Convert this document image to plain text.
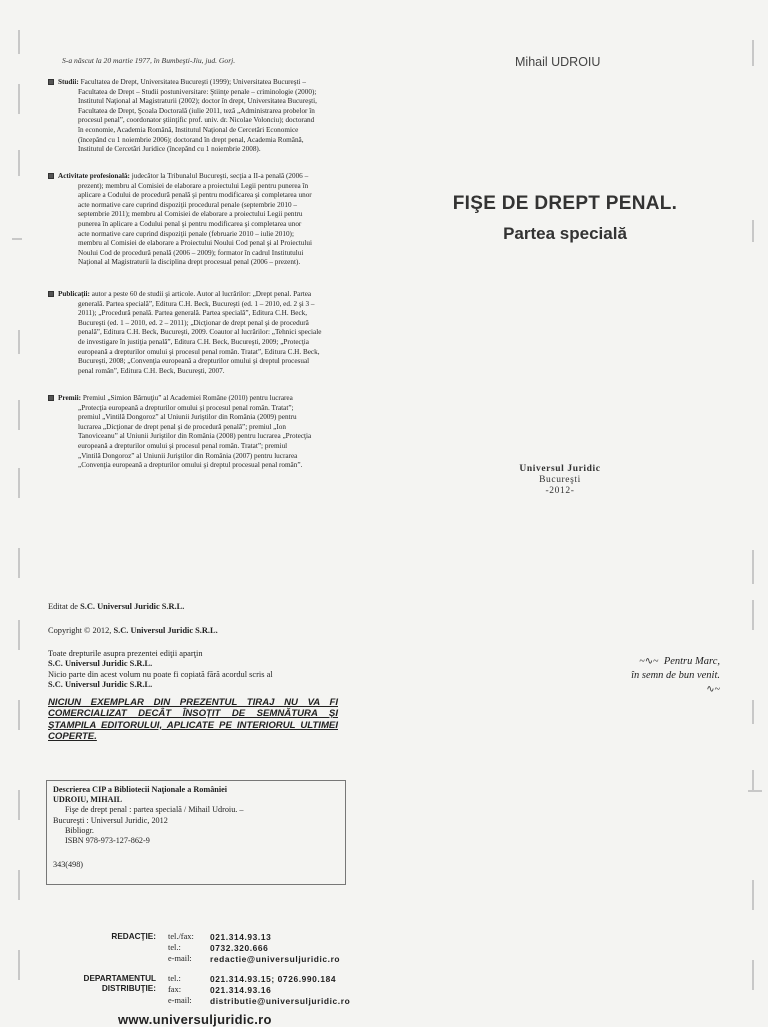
S-a născut la 20 martie 1977, în Bumbeşti-Jiu, jud. Gorj.
Studii: Facultatea de Drept, Universitatea Bucureşti (1999); Universitatea Bucureşti –
Facultatea de Drept – Studii postuniversitare: Ştiinţe penale – criminologie (2000);
Institutul Naţional al Magistraturii (2002); doctor în drept, Universitatea Bucureşti,
Facultatea de Drept, Şcoala Doctorală (iulie 2011, teză „Administrarea probelor în
procesul penal”, coordonator ştiinţific prof. univ. dr. Nicolae Volonciu); doctorand
în economie, Academia Română, Institutul Naţional de Cercetări Economice
(începând cu 1 noiembrie 2006); doctorand în drept penal, Academia Română,
Institutul de Cercetări Juridice (începând cu 1 noiembrie 2008).
Activitate profesională: judecător la Tribunalul Bucureşti, secţia a II-a penală (2006 –
prezent); membru al Comisiei de elaborare a proiectului Legii pentru punerea în
aplicare a Codului de procedură penală şi pentru modificarea şi completarea unor
acte normative care cuprind dispoziţii procedural penale (septembrie 2010 –
septembrie 2011); membru al Comisiei de elaborare a proiectului Legii pentru
punerea în aplicare a Codului penal şi pentru modificarea şi completarea unor
acte normative care cuprind dispoziţii penale (februarie 2010 – iulie 2010);
membru al Comisiei de elaborare a Proiectului Noului Cod penal şi al Proiectului
Noului Cod de procedură penală (2006 – 2009); formator în cadrul Institutului
Naţional al Magistraturii la disciplina drept procesual penal (2006 – prezent).
Publicaţii: autor a peste 60 de studii şi articole. Autor al lucrărilor: „Drept penal. Partea
generală. Partea specială”, Editura C.H. Beck, Bucureşti (ed. 1 – 2010, ed. 2 şi 3 –
2011); „Procedură penală. Partea generală. Partea specială”, Editura C.H. Beck,
Bucureşti (ed. 1 – 2010, ed. 2 – 2011); „Dicţionar de drept penal şi de procedură
penală”, Editura C.H. Beck, Bucureşti, 2009. Coautor al lucrărilor: „Tehnici speciale
de investigare în justiţia penală”, Editura C.H. Beck, Bucureşti, 2009; „Protecţia
europeană a drepturilor omului şi procesul penal român. Tratat”, Editura C.H. Beck,
Bucureşti, 2008; „Convenţia europeană a drepturilor omului şi dreptul procesual
penal român”, Editura C.H. Beck, Bucureşti, 2007.
Premii: Premiul „Simion Bărnuţiu” al Academiei Române (2010) pentru lucrarea
„Protecţia europeană a drepturilor omului şi procesul penal român. Tratat”;
premiul „Vintilă Dongoroz” al Uniunii Juriştilor din România (2009) pentru
lucrarea „Dicţionar de drept penal şi de procedură penală”; premiul „Ion
Tanoviceanu” al Uniunii Juriştilor din România (2008) pentru lucrarea „Protecţia
europeană a drepturilor omului şi procesul penal român. Tratat”; premiul
„Vintilă Dongoroz” al Uniunii Juriştilor din România (2007) pentru lucrarea
„Convenţia europeană a drepturilor omului şi dreptul procesual penal român”.
Mihail UDROIU
FIŞE DE DREPT PENAL.
Partea specială
Universul Juridic
Bucureşti
-2012-
~∿~ Pentru Marc,
în semn de bun venit.
∿~
Editat de S.C. Universul Juridic S.R.L.
Copyright © 2012, S.C. Universul Juridic S.R.L.
Toate drepturile asupra prezentei ediţii aparţin
S.C. Universul Juridic S.R.L.
Nicio parte din acest volum nu poate fi copiată fără acordul scris al
S.C. Universul Juridic S.R.L.
NICIUN EXEMPLAR DIN PREZENTUL TIRAJ NU VA FI COMERCIALIZAT DECÂT ÎNSOŢIT DE SEMNĂTURA ŞI ŞTAMPILA EDITORULUI, APLICATE PE INTERIORUL ULTIMEI COPERTE.
Descrierea CIP a Bibliotecii Naţionale a României
UDROIU, MIHAIL
Fişe de drept penal : partea specială / Mihail Udroiu. –
Bucureşti : Universul Juridic, 2012
Bibliogr.
ISBN 978-973-127-862-9
343(498)
REDACŢIE: tel./fax: 021.314.93.13
tel.:	0732.320.666
e-mail: redactie@universuljuridic.ro
DEPARTAMENTUL
DISTRIBUŢIE:
tel.:	021.314.93.15; 0726.990.184
fax:	021.314.93.16
e-mail: distributie@universuljuridic.ro
www.universuljuridic.ro
